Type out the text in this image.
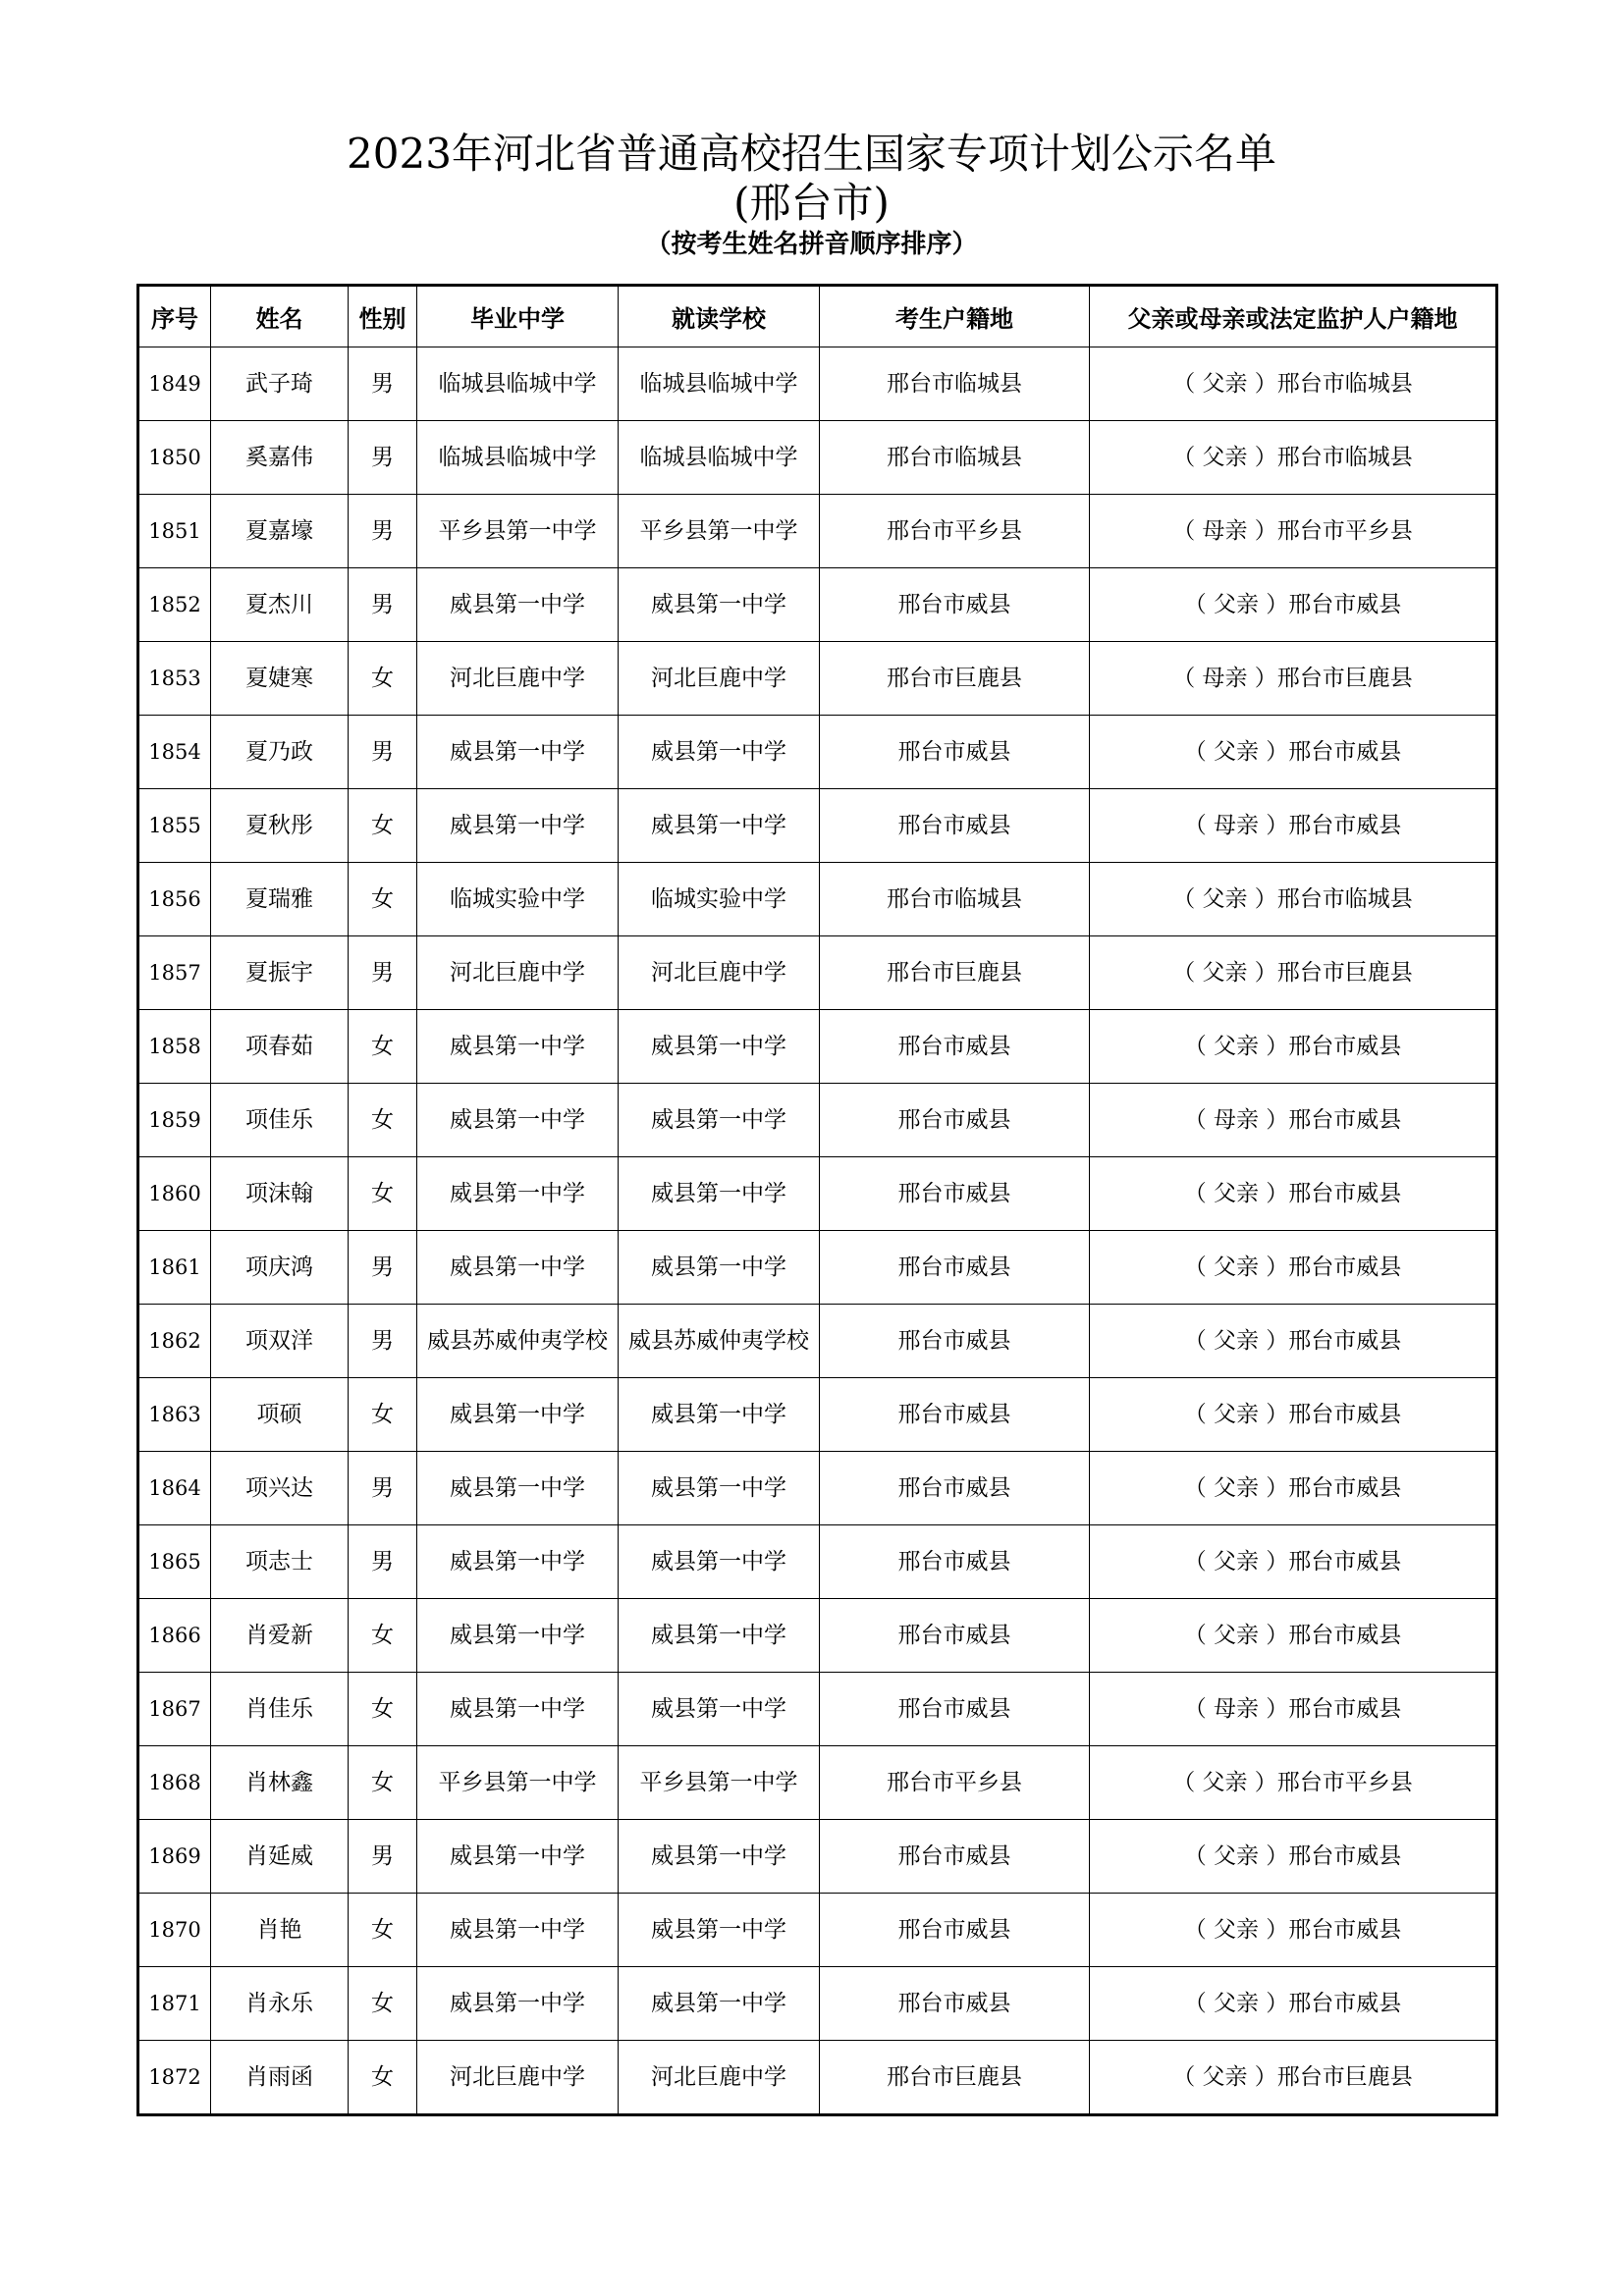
2023年河北省普通高校招生国家专项计划公示名单
(邢台市)
（按考生姓名拼音顺序排序）
序号	姓名	性别	毕业中学	就读学校	考生户籍地	父亲或母亲或法定监护人户籍地
1849	武子琦	男	临城县临城中学	临城县临城中学	邢台市临城县	（ 父亲 ）邢台市临城县
1850	奚嘉伟	男	临城县临城中学	临城县临城中学	邢台市临城县	（ 父亲 ）邢台市临城县
1851	夏嘉壕	男	平乡县第一中学	平乡县第一中学	邢台市平乡县	（ 母亲 ）邢台市平乡县
1852	夏杰川	男	威县第一中学	威县第一中学	邢台市威县	（ 父亲 ）邢台市威县
1853	夏婕寒	女	河北巨鹿中学	河北巨鹿中学	邢台市巨鹿县	（ 母亲 ）邢台市巨鹿县
1854	夏乃政	男	威县第一中学	威县第一中学	邢台市威县	（ 父亲 ）邢台市威县
1855	夏秋彤	女	威县第一中学	威县第一中学	邢台市威县	（ 母亲 ）邢台市威县
1856	夏瑞雅	女	临城实验中学	临城实验中学	邢台市临城县	（ 父亲 ）邢台市临城县
1857	夏振宇	男	河北巨鹿中学	河北巨鹿中学	邢台市巨鹿县	（ 父亲 ）邢台市巨鹿县
1858	项春茹	女	威县第一中学	威县第一中学	邢台市威县	（ 父亲 ）邢台市威县
1859	项佳乐	女	威县第一中学	威县第一中学	邢台市威县	（ 母亲 ）邢台市威县
1860	项沫翰	女	威县第一中学	威县第一中学	邢台市威县	（ 父亲 ）邢台市威县
1861	项庆鸿	男	威县第一中学	威县第一中学	邢台市威县	（ 父亲 ）邢台市威县
1862	项双洋	男	威县苏威仲夷学校	威县苏威仲夷学校	邢台市威县	（ 父亲 ）邢台市威县
1863	项硕	女	威县第一中学	威县第一中学	邢台市威县	（ 父亲 ）邢台市威县
1864	项兴达	男	威县第一中学	威县第一中学	邢台市威县	（ 父亲 ）邢台市威县
1865	项志士	男	威县第一中学	威县第一中学	邢台市威县	（ 父亲 ）邢台市威县
1866	肖爱新	女	威县第一中学	威县第一中学	邢台市威县	（ 父亲 ）邢台市威县
1867	肖佳乐	女	威县第一中学	威县第一中学	邢台市威县	（ 母亲 ）邢台市威县
1868	肖林鑫	女	平乡县第一中学	平乡县第一中学	邢台市平乡县	（ 父亲 ）邢台市平乡县
1869	肖延威	男	威县第一中学	威县第一中学	邢台市威县	（ 父亲 ）邢台市威县
1870	肖艳	女	威县第一中学	威县第一中学	邢台市威县	（ 父亲 ）邢台市威县
1871	肖永乐	女	威县第一中学	威县第一中学	邢台市威县	（ 父亲 ）邢台市威县
1872	肖雨函	女	河北巨鹿中学	河北巨鹿中学	邢台市巨鹿县	（ 父亲 ）邢台市巨鹿县
